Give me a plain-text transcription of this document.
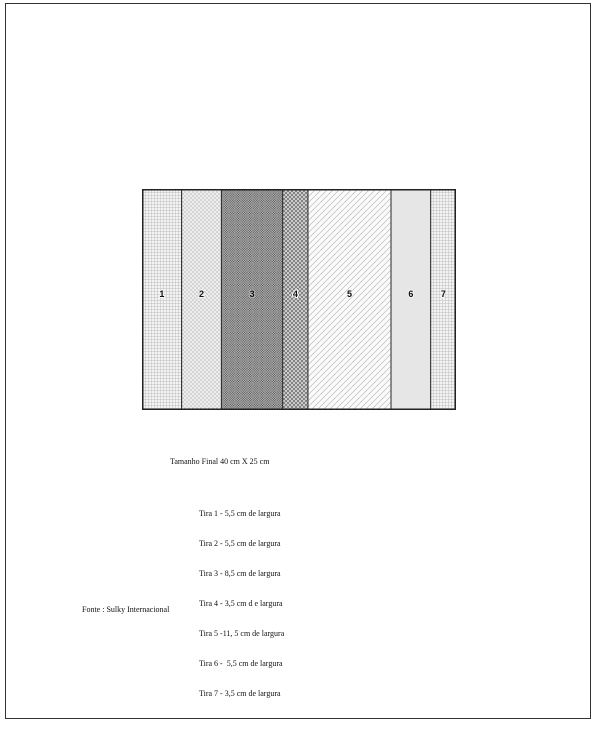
1	2	3	4	5	6	7
Tamanho Final 40 cm X 25 cm

Tira 1 - 5,5 cm de largura

Tira 2 - 5,5 cm de largura

Tira 3 - 8,5 cm de largura

Tira 4 - 3,5 cm d e largura

Tira 5 -11, 5 cm de largura

Tira 6 -  5,5 cm de largura

Tira 7 - 3,5 cm de largura

Fonte : Sulky Internacional
